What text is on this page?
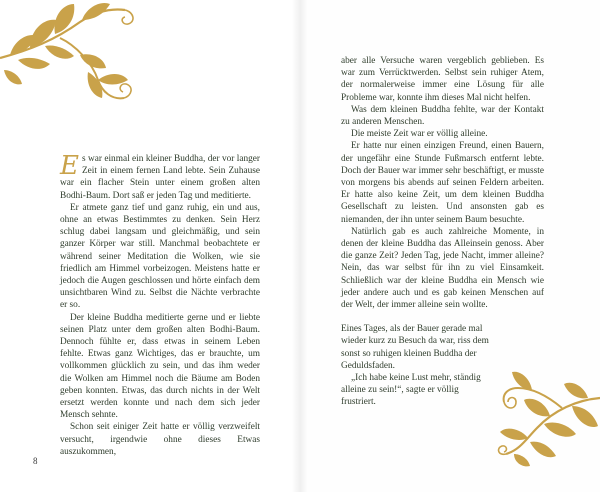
Es war einmal ein kleiner Buddha, der vor langer Zeit in einem fernen Land lebte. Sein Zuhause war ein flacher Stein unter einem großen alten Bodhi-Baum. Dort saß er jeden Tag und meditierte.

Er atmete ganz tief und ganz ruhig, ein und aus, ohne an etwas Bestimmtes zu denken. Sein Herz schlug dabei langsam und gleichmäßig, und sein ganzer Körper war still. Manchmal beobachtete er während seiner Meditation die Wolken, wie sie friedlich am Himmel vorbeizogen. Meistens hatte er jedoch die Augen geschlossen und hörte einfach dem unsichtbaren Wind zu. Selbst die Nächte verbrachte er so.

Der kleine Buddha meditierte gerne und er liebte seinen Platz unter dem großen alten Bodhi-Baum. Dennoch fühlte er, dass etwas in seinem Leben fehlte. Etwas ganz Wichtiges, das er brauchte, um vollkommen glücklich zu sein, und das ihm weder die Wolken am Himmel noch die Bäume am Boden geben konnten. Etwas, das durch nichts in der Welt ersetzt werden konnte und nach dem sich jeder Mensch sehnte.

Schon seit einiger Zeit hatte er völlig verzweifelt versucht, irgendwie ohne dieses Etwas auszukommen,

8

aber alle Versuche waren vergeblich geblieben. Es war zum Verrücktwerden. Selbst sein ruhiger Atem, der normalerweise immer eine Lösung für alle Probleme war, konnte ihm dieses Mal nicht helfen.

Was dem kleinen Buddha fehlte, war der Kontakt zu anderen Menschen.

Die meiste Zeit war er völlig alleine.

Er hatte nur einen einzigen Freund, einen Bauern, der ungefähr eine Stunde Fußmarsch entfernt lebte. Doch der Bauer war immer sehr beschäftigt, er musste von morgens bis abends auf seinen Feldern arbeiten. Er hatte also keine Zeit, um dem kleinen Buddha Gesellschaft zu leisten. Und ansonsten gab es niemanden, der ihn unter seinem Baum besuchte.

Natürlich gab es auch zahlreiche Momente, in denen der kleine Buddha das Alleinsein genoss. Aber die ganze Zeit? Jeden Tag, jede Nacht, immer alleine? Nein, das war selbst für ihn zu viel Einsamkeit. Schließlich war der kleine Buddha ein Mensch wie jeder andere auch und es gab keinen Menschen auf der Welt, der immer alleine sein wollte.

Eines Tages, als der Bauer gerade mal wieder kurz zu Besuch da war, riss dem sonst so ruhigen kleinen Buddha der Geduldsfaden.

„Ich habe keine Lust mehr, ständig alleine zu sein!“, sagte er völlig frustriert.
